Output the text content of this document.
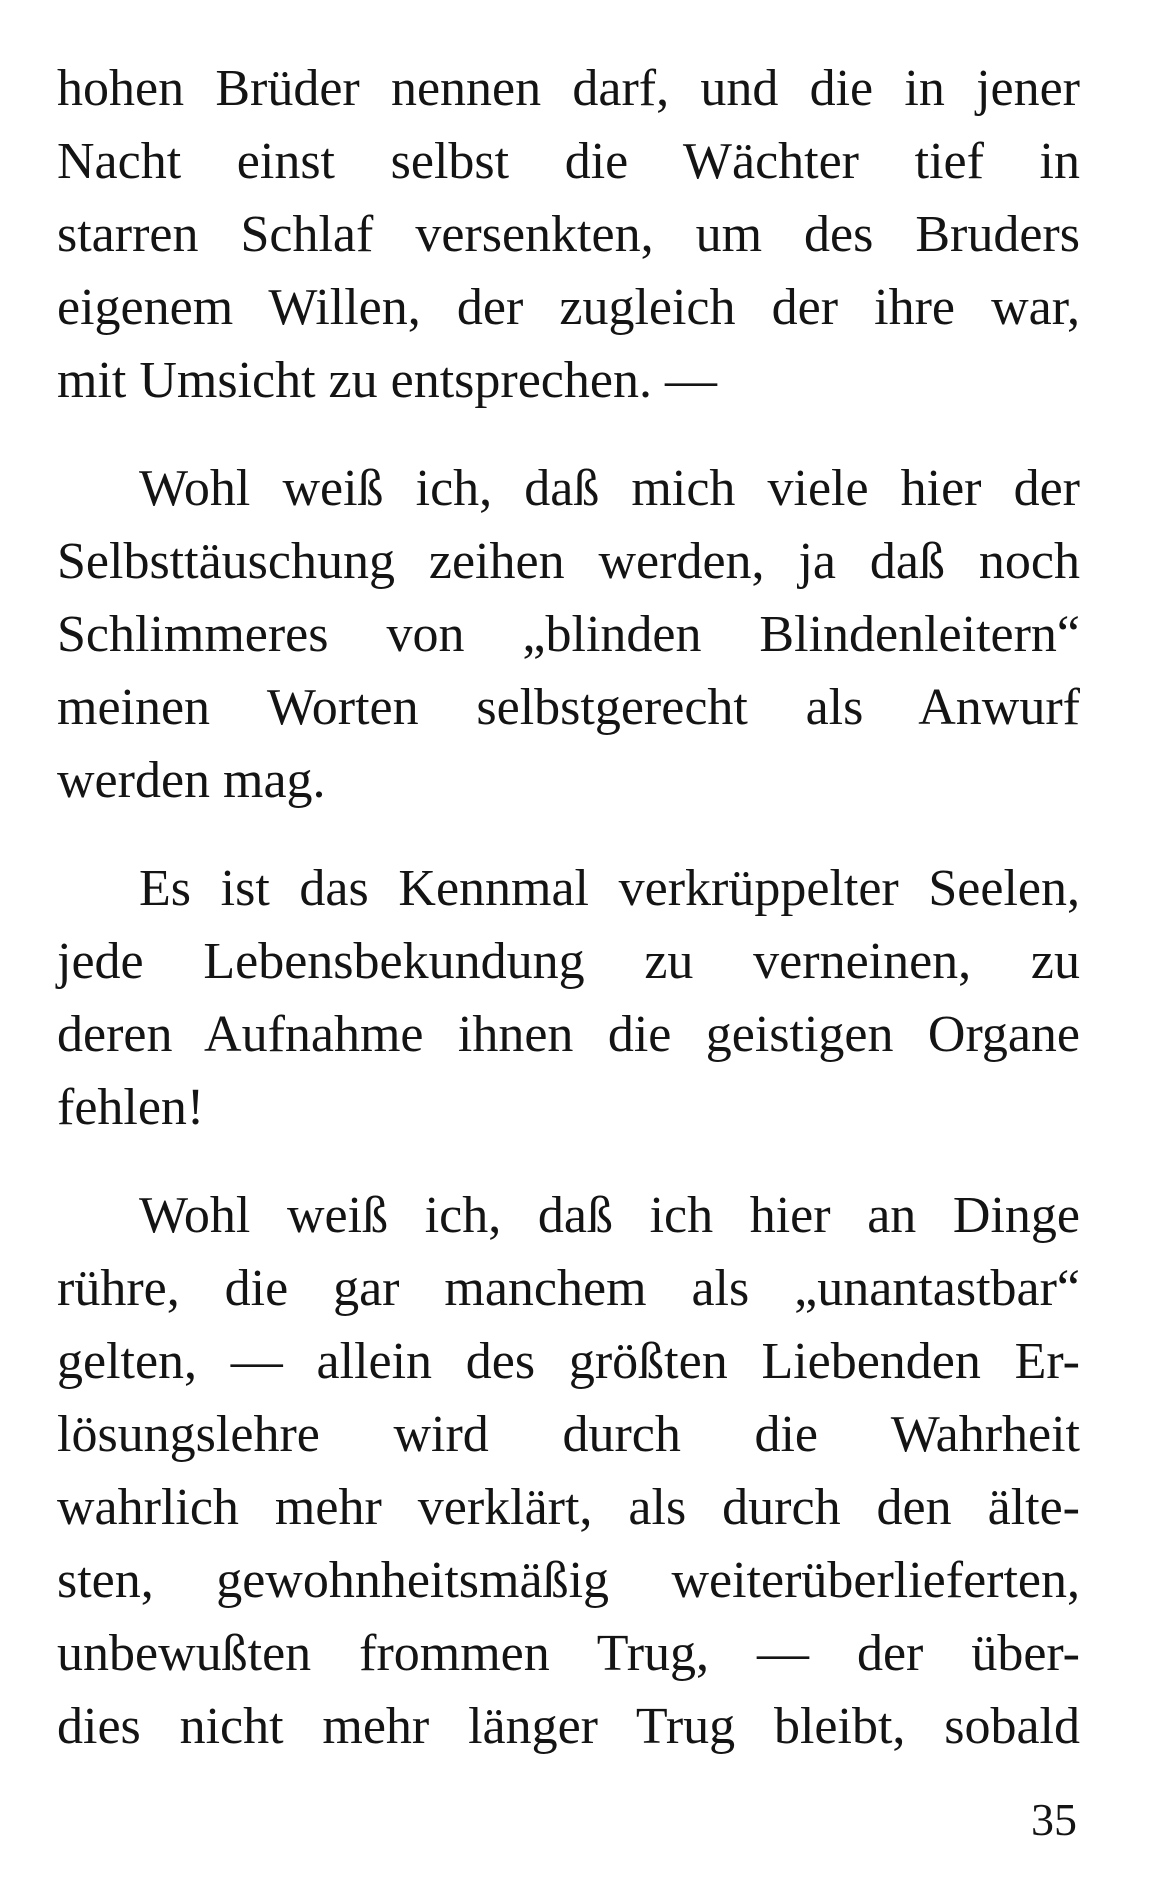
hohen Brüder nennen darf, und die in jener
Nacht einst selbst die Wächter tief in
starren Schlaf versenkten, um des Bruders
eigenem Willen, der zugleich der ihre war,
mit Umsicht zu entsprechen. —
Wohl weiß ich, daß mich viele hier der
Selbsttäuschung zeihen werden, ja daß noch
Schlimmeres von „blinden Blindenleitern“
meinen Worten selbstgerecht als Anwurf
werden mag.
Es ist das Kennmal verkrüppelter Seelen,
jede Lebensbekundung zu verneinen, zu
deren Aufnahme ihnen die geistigen Organe
fehlen!
Wohl weiß ich, daß ich hier an Dinge
rühre, die gar manchem als „unantastbar“
gelten, — allein des größten Liebenden Er-
lösungslehre wird durch die Wahrheit
wahrlich mehr verklärt, als durch den älte-
sten, gewohnheitsmäßig weiterüberlieferten,
unbewußten frommen Trug, — der über-
dies nicht mehr länger Trug bleibt, sobald
35
